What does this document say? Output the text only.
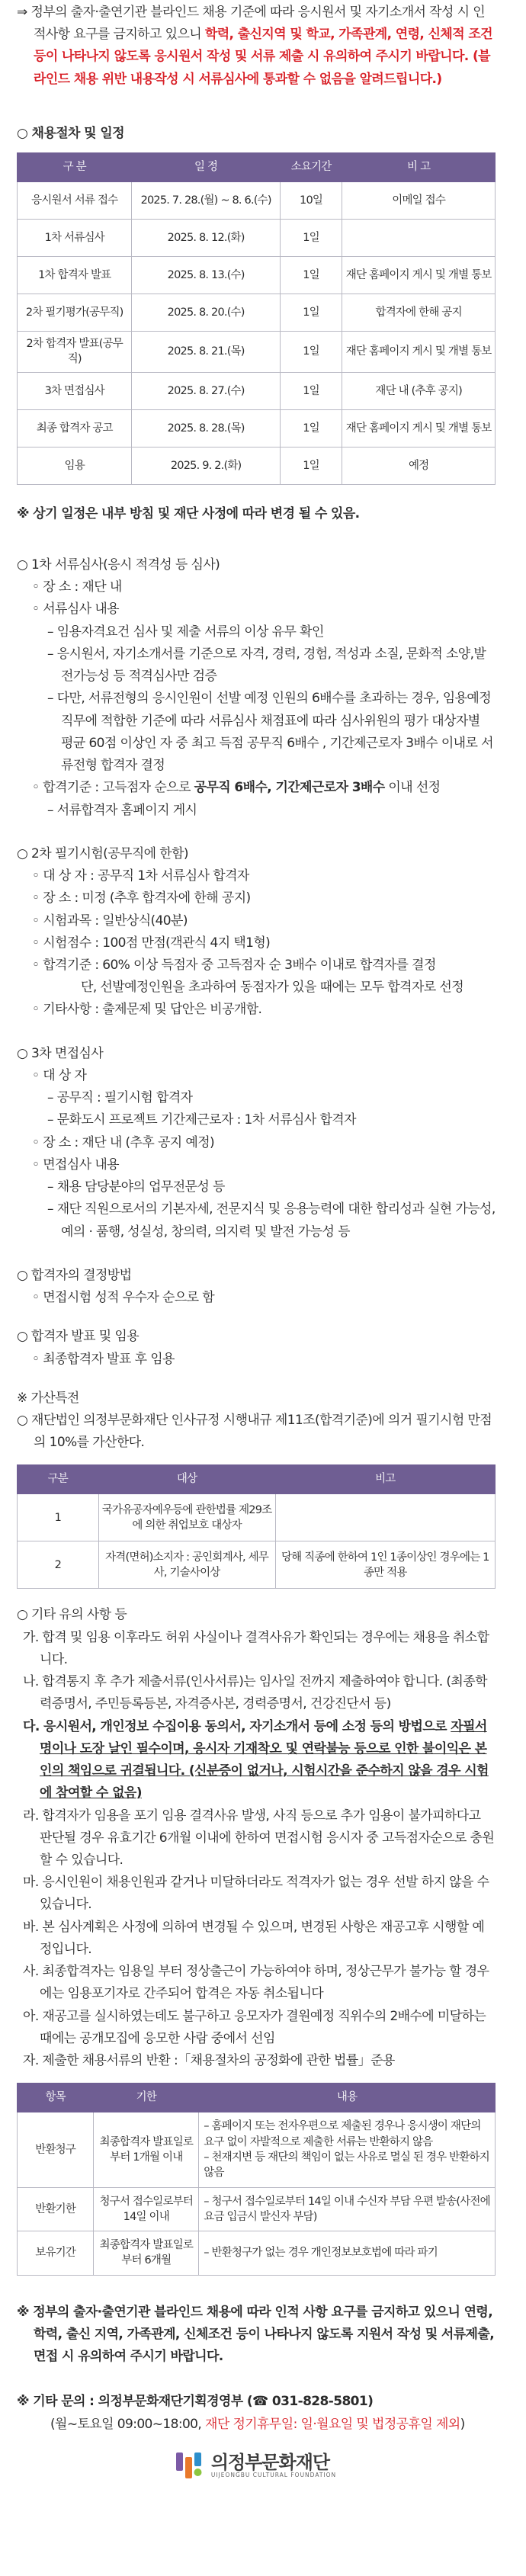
⇒ 정부의 출자·출연기관 블라인드 채용 기준에 따라 응시원서 및 자기소개서 작성 시 인적사항 요구를 금지하고 있으니 학력, 출신지역 및 학교, 가족관계, 연령, 신체적 조건 등이 나타나지 않도록 응시원서 작성 및 서류 제출 시 유의하여 주시기 바랍니다. (블라인드 채용 위반 내용작성 시 서류심사에 통과할 수 없음을 알려드립니다.)
○ 채용절차 및 일정
구 분	일 정	소요기간	비 고
응시원서 서류 접수	2025. 7. 28.(월) ~ 8. 6.(수)	10일	이메일 접수
1차 서류심사	2025. 8. 12.(화)	1일	
1차 합격자 발표	2025. 8. 13.(수)	1일	재단 홈페이지 게시 및 개별 통보
2차 필기평가(공무직)	2025. 8. 20.(수)	1일	합격자에 한해 공지
2차 합격자 발표(공무직)	2025. 8. 21.(목)	1일	재단 홈페이지 게시 및 개별 통보
3차 면접심사	2025. 8. 27.(수)	1일	재단 내 (추후 공지)
최종 합격자 공고	2025. 8. 28.(목)	1일	재단 홈페이지 게시 및 개별 통보
임용	2025. 9. 2.(화)	1일	예정
※ 상기 일정은 내부 방침 및 재단 사정에 따라 변경 될 수 있음.
○ 1차 서류심사(응시 적격성 등 심사)
◦ 장 소 : 재단 내
◦ 서류심사 내용
– 임용자격요건 심사 및 제출 서류의 이상 유무 확인
– 응시원서, 자기소개서를 기준으로 자격, 경력, 경험, 적성과 소질, 문화적 소양,발전가능성 등 적격심사만 검증
– 다만, 서류전형의 응시인원이 선발 예정 인원의 6배수를 초과하는 경우, 임용예정 직무에 적합한 기준에 따라 서류심사 채점표에 따라 심사위원의 평가 대상자별 평균 60점 이상인 자 중 최고 득점 공무직 6배수 , 기간제근로자 3배수 이내로 서류전형 합격자 결정
◦ 합격기준 : 고득점자 순으로 공무직 6배수, 기간제근로자 3배수 이내 선정
– 서류합격자 홈페이지 게시
○ 2차 필기시험(공무직에 한함)
◦ 대 상 자 : 공무직 1차 서류심사 합격자
◦ 장 소 : 미정 (추후 합격자에 한해 공지)
◦ 시험과목 : 일반상식(40분)
◦ 시험점수 : 100점 만점(객관식 4지 택1형)
◦ 합격기준 : 60% 이상 득점자 중 고득점자 순 3배수 이내로 합격자를 결정
단, 선발예정인원을 초과하여 동점자가 있을 때에는 모두 합격자로 선정
◦ 기타사항 : 출제문제 및 답안은 비공개함.
○ 3차 면접심사
◦ 대 상 자
– 공무직 : 필기시험 합격자
– 문화도시 프로젝트 기간제근로자 : 1차 서류심사 합격자
◦ 장 소 : 재단 내 (추후 공지 예정)
◦ 면접심사 내용
– 채용 담당분야의 업무전문성 등
– 재단 직원으로서의 기본자세, 전문지식 및 응용능력에 대한 합리성과 실현 가능성, 예의 · 품행, 성실성, 창의력, 의지력 및 발전 가능성 등
○ 합격자의 결정방법
◦ 면접시험 성적 우수자 순으로 함
○ 합격자 발표 및 임용
◦ 최종합격자 발표 후 임용
※ 가산특전
○ 재단법인 의정부문화재단 인사규정 시행내규 제11조(합격기준)에 의거 필기시험 만점의 10%를 가산한다.
구분	대상	비고
1	국가유공자예우등에 관한법률 제29조에 의한 취업보호 대상자	
2	자격(면허)소지자 : 공인회계사, 세무사, 기술사이상	당해 직종에 한하여 1인 1종이상인 경우에는 1종만 적용
○ 기타 유의 사항 등
가. 합격 및 임용 이후라도 허위 사실이나 결격사유가 확인되는 경우에는 채용을 취소합니다.
나. 합격통지 후 추가 제출서류(인사서류)는 임사일 전까지 제출하여야 합니다. (최종학력증명서, 주민등록등본, 자격증사본, 경력증명서, 건강진단서 등)
다. 응시원서, 개인정보 수집이용 동의서, 자기소개서 등에 소정 등의 방법으로 자필서명이나 도장 날인 필수이며, 응시자 기재착오 및 연락불능 등으로 인한 불이익은 본인의 책임으로 귀결됩니다. (신분증이 없거나, 시험시간을 준수하지 않을 경우 시험에 참여할 수 없음)
라. 합격자가 임용을 포기 임용 결격사유 발생, 사직 등으로 추가 임용이 불가피하다고 판단될 경우 유효기간 6개월 이내에 한하여 면접시험 응시자 중 고득점자순으로 충원할 수 있습니다.
마. 응시인원이 채용인원과 같거나 미달하더라도 적격자가 없는 경우 선발 하지 않을 수 있습니다.
바. 본 심사계획은 사정에 의하여 변경될 수 있으며, 변경된 사항은 재공고후 시행할 예정입니다.
사. 최종합격자는 임용일 부터 정상출근이 가능하여야 하며, 정상근무가 불가능 할 경우에는 임용포기자로 간주되어 합격은 자동 취소됩니다
아. 재공고를 실시하였는데도 불구하고 응모자가 결원예정 직위수의 2배수에 미달하는 때에는 공개모집에 응모한 사람 중에서 선임
자. 제출한 채용서류의 반환 :「채용절차의 공정화에 관한 법률」준용
항목	기한	내용
반환청구	최종합격자 발표일로부터 1개월 이내	– 홈페이지 또는 전자우편으로 제출된 경우나 응시생이 재단의 요구 없이 자발적으로 제출한 서류는 반환하지 않음
– 천재지변 등 재단의 책임이 없는 사유로 멸실 된 경우 반환하지 않음
반환기한	청구서 접수일로부터 14일 이내	– 청구서 접수일로부터 14일 이내 수신자 부담 우편 발송(사전에 요금 입금시 발신자 부담)
보유기간	최종합격자 발표일로부터 6개월	– 반환청구가 없는 경우 개인정보보호법에 따라 파기
※ 정부의 출자·출연기관 블라인드 채용에 따라 인적 사항 요구를 금지하고 있으니 연령, 학력, 출신 지역, 가족관계, 신체조건 등이 나타나지 않도록 지원서 작성 및 서류제출, 면접 시 유의하여 주시기 바랍니다.
※ 기타 문의 : 의정부문화재단기획경영부 (☎ 031-828-5801)
(월~토요일 09:00~18:00, 재단 정기휴무일: 일·월요일 및 법정공휴일 제외)
의정부문화재단
UIJEONGBU CULTURAL FOUNDATION
